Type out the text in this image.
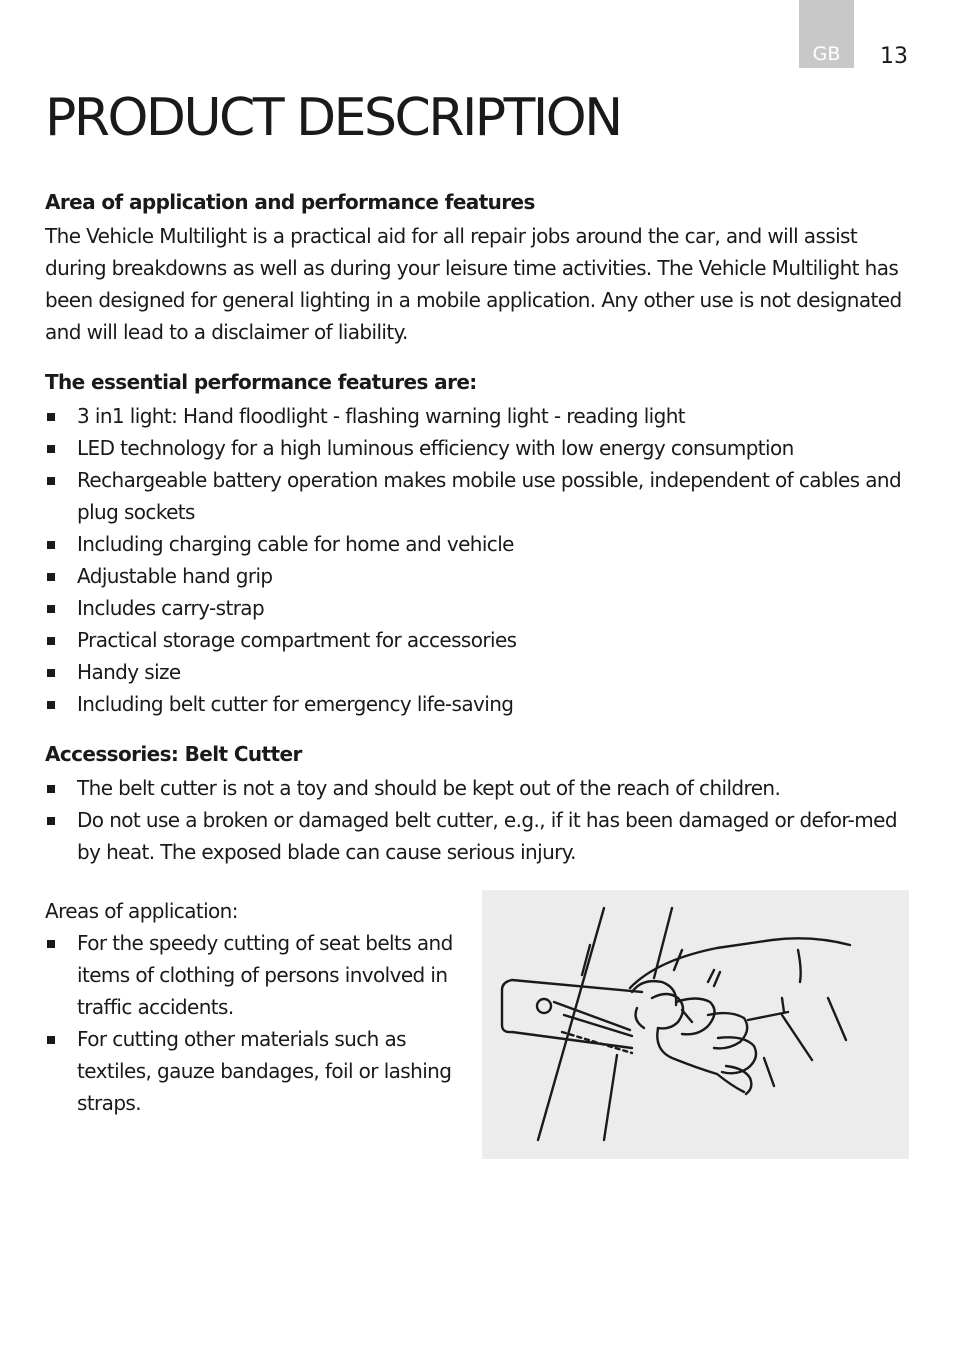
GB	13
PRODUCT DESCRIPTION
Area of application and performance features

The Vehicle Multilight is a practical aid for all repair jobs around the car, and will assist during breakdowns as well as during your leisure time activities. The Vehicle Multilight has been designed for general lighting in a mobile application. Any other use is not designated and will lead to a disclaimer of liability.

The essential performance features are:
3 in1 light: Hand floodlight - flashing warning light - reading light
LED technology for a high luminous efficiency with low energy consumption
Rechargeable battery operation makes mobile use possible, independent of cables and plug sockets
Including charging cable for home and vehicle
Adjustable hand grip
Includes carry-strap
Practical storage compartment for accessories
Handy size
Including belt cutter for emergency life-saving
Accessories: Belt Cutter
The belt cutter is not a toy and should be kept out of the reach of children.
Do not use a broken or damaged belt cutter, e.g., if it has been damaged or defor-med by heat. The exposed blade can cause serious injury.
Areas of application:
For the speedy cutting of seat belts and items of clothing of persons involved in traffic accidents.
For cutting other materials such as textiles, gauze bandages, foil or lashing straps.
